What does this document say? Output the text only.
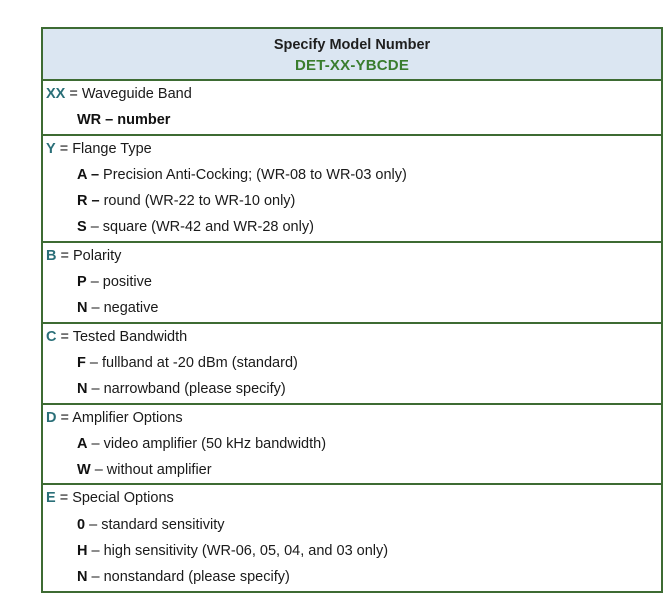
Specify Model Number
DET-XX-YBCDE
XX = Waveguide Band
WR – number
Y = Flange Type
A – Precision Anti-Cocking; (WR-08 to WR-03 only)
R – round (WR-22 to WR-10 only)
S – square (WR-42 and WR-28 only)
B = Polarity
P – positive
N – negative
C = Tested Bandwidth
F – fullband at -20 dBm (standard)
N – narrowband (please specify)
D = Amplifier Options
A – video amplifier (50 kHz bandwidth)
W – without amplifier
E = Special Options
0 – standard sensitivity
H – high sensitivity (WR-06, 05, 04, and 03 only)
N – nonstandard (please specify)
